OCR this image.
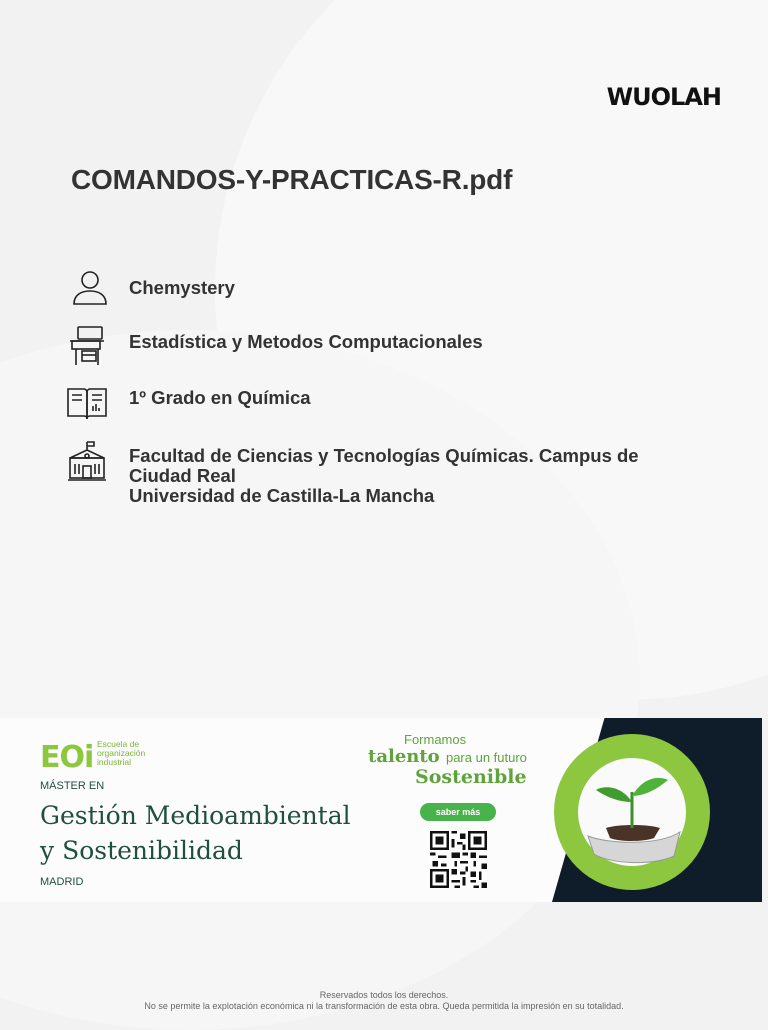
WUOLAH
COMANDOS-Y-PRACTICAS-R.pdf
Chemystery
Estadística y Metodos Computacionales
1º Grado en Química
Facultad de Ciencias y Tecnologías Químicas. Campus de
Ciudad Real
Universidad de Castilla-La Mancha
EOi Escuela de organización industrial
MÁSTER EN
Gestión Medioambiental
y Sostenibilidad
MADRID
Formamos
talento para un futuro
Sostenible
saber más
Reservados todos los derechos.
No se permite la explotación económica ni la transformación de esta obra. Queda permitida la impresión en su totalidad.
